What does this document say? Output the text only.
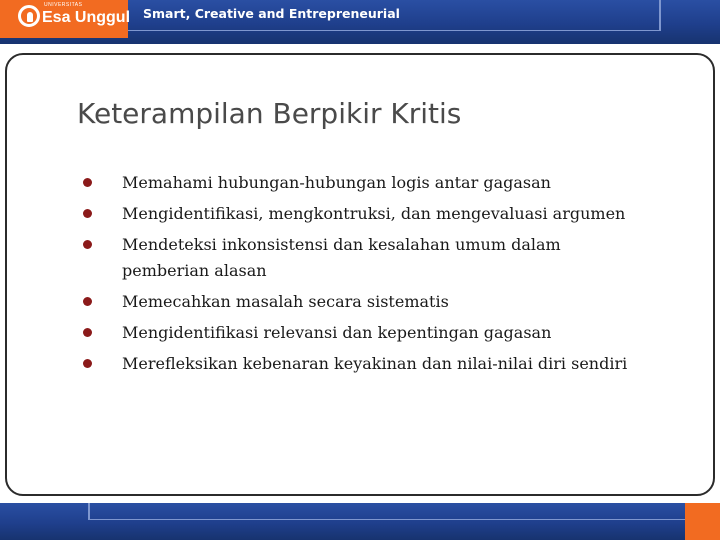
UNIVERSITAS
Esa Unggul Smart, Creative and Entrepreneurial
Keterampilan Berpikir Kritis
Memahami hubungan-hubungan logis antar gagasan
Mengidentifikasi, mengkontruksi, dan mengevaluasi argumen
Mendeteksi inkonsistensi dan kesalahan umum dalam pemberian alasan
Memecahkan masalah secara sistematis
Mengidentifikasi relevansi dan kepentingan gagasan
Merefleksikan kebenaran keyakinan dan nilai-nilai diri sendiri
